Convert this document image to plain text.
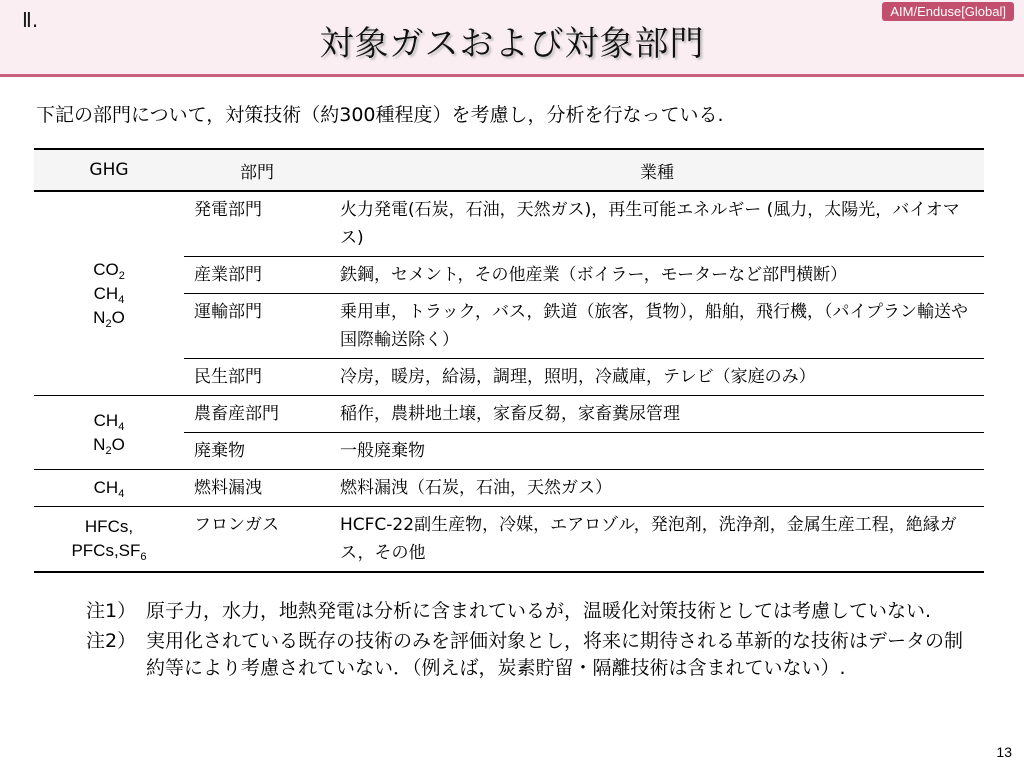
Ⅱ.	AIM/Enduse[Global]
対象ガスおよび対象部門
下記の部門について，対策技術（約300種程度）を考慮し，分析を行なっている.
GHG	部門	業種

$CO_2$
$CH_4$
$N_2O$	発電部門	火力発電(石炭，石油，天然ガス)，再生可能エネルギー (風力，太陽光，バイオマス)
	産業部門	鉄鋼，セメント，その他産業（ボイラー，モーターなど部門横断）
	運輸部門	乗用車，トラック，バス，鉄道（旅客，貨物），船舶，飛行機，（パイプラン輸送や国際輸送除く）
	民生部門	冷房，暖房，給湯，調理，照明，冷蔵庫，テレビ（家庭のみ）

$CH_4$
$N_2O$	農畜産部門	稲作，農耕地土壌，家畜反芻，家畜糞尿管理
	廃棄物	一般廃棄物

$CH_4$	燃料漏洩	燃料漏洩（石炭，石油，天然ガス）

HFCs,
$PFCs,SF_6$	フロンガス	HCFC-22副生産物，冷媒，エアロゾル，発泡剤，洗浄剤，金属生産工程，絶縁ガス，その他
注1） 原子力，水力，地熱発電は分析に含まれているが，温暖化対策技術としては考慮していない.
注2） 実用化されている既存の技術のみを評価対象とし，将来に期待される革新的な技術はデータの制約等により考慮されていない．（例えば，炭素貯留・隔離技術は含まれていない）.
13
